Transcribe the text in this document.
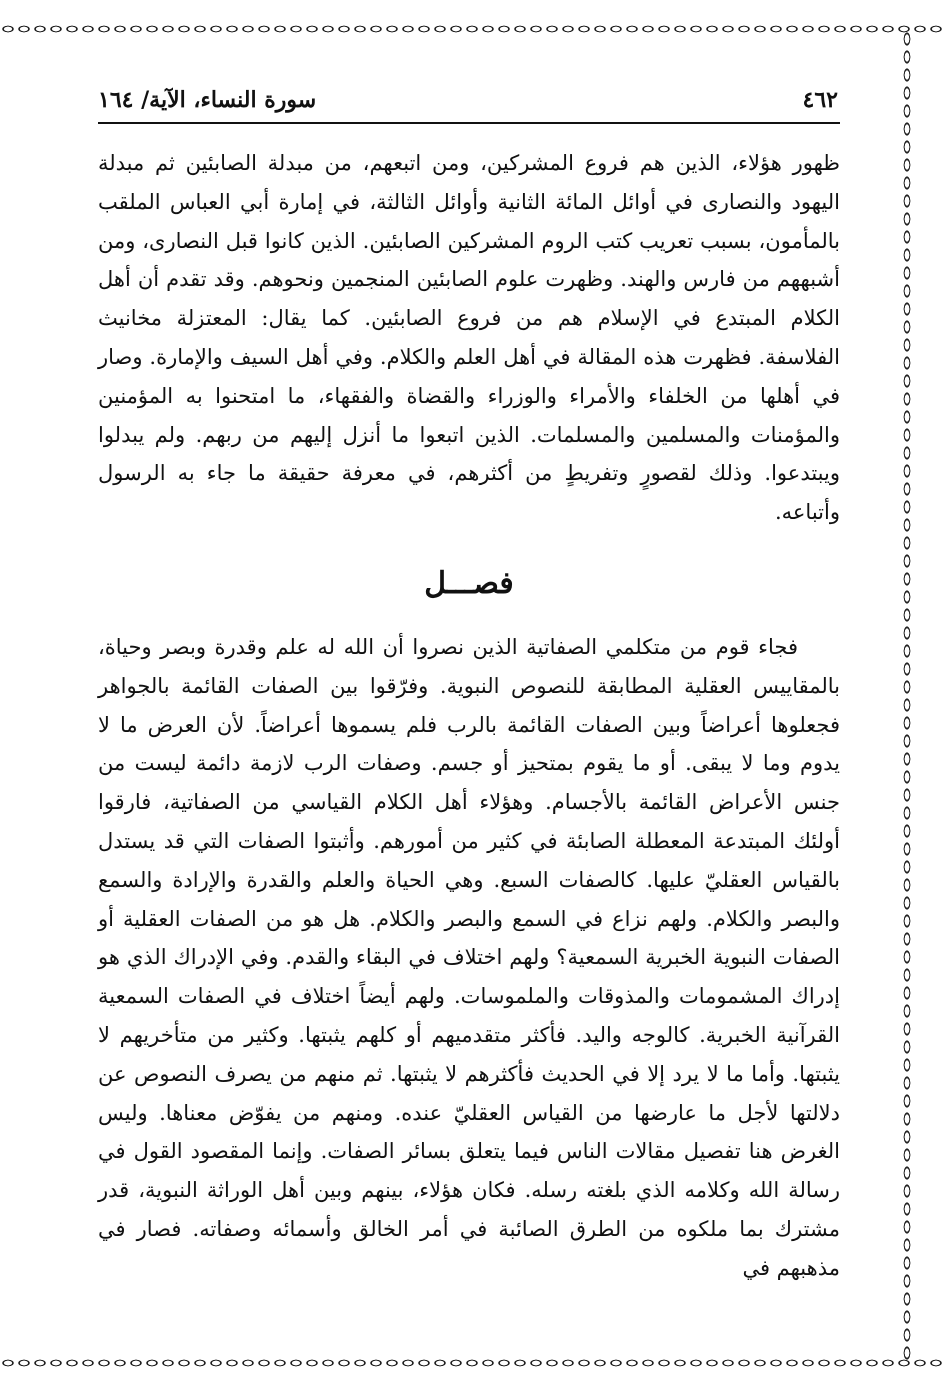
٤٦٢
سورة النساء، الآية/ ١٦٤

ظهور هؤلاء، الذين هم فروع المشركين، ومن اتبعهم، من مبدلة الصابئين ثم مبدلة اليهود والنصارى في أوائل المائة الثانية وأوائل الثالثة، في إمارة أبي العباس الملقب بالمأمون، بسبب تعريب كتب الروم المشركين الصابئين. الذين كانوا قبل النصارى، ومن أشبههم من فارس والهند. وظهرت علوم الصابئين المنجمين ونحوهم. وقد تقدم أن أهل الكلام المبتدع في الإسلام هم من فروع الصابئين. كما يقال: المعتزلة مخانيث الفلاسفة. فظهرت هذه المقالة في أهل العلم والكلام. وفي أهل السيف والإمارة. وصار في أهلها من الخلفاء والأمراء والوزراء والقضاة والفقهاء، ما امتحنوا به المؤمنين والمؤمنات والمسلمين والمسلمات. الذين اتبعوا ما أنزل إليهم من ربهم. ولم يبدلوا ويبتدعوا. وذلك لقصورٍ وتفريطٍ من أكثرهم، في معرفة حقيقة ما جاء به الرسول وأتباعه.

فصـــل

فجاء قوم من متكلمي الصفاتية الذين نصروا أن الله له علم وقدرة وبصر وحياة، بالمقاييس العقلية المطابقة للنصوص النبوية. وفرّقوا بين الصفات القائمة بالجواهر فجعلوها أعراضاً وبين الصفات القائمة بالرب فلم يسموها أعراضاً. لأن العرض ما لا يدوم وما لا يبقى. أو ما يقوم بمتحيز أو جسم. وصفات الرب لازمة دائمة ليست من جنس الأعراض القائمة بالأجسام. وهؤلاء أهل الكلام القياسي من الصفاتية، فارقوا أولئك المبتدعة المعطلة الصابئة في كثير من أمورهم. وأثبتوا الصفات التي قد يستدل بالقياس العقليّ عليها. كالصفات السبع. وهي الحياة والعلم والقدرة والإرادة والسمع والبصر والكلام. ولهم نزاع في السمع والبصر والكلام. هل هو من الصفات العقلية أو الصفات النبوية الخبرية السمعية؟ ولهم اختلاف في البقاء والقدم. وفي الإدراك الذي هو إدراك المشمومات والمذوقات والملموسات. ولهم أيضاً اختلاف في الصفات السمعية القرآنية الخبرية. كالوجه واليد. فأكثر متقدميهم أو كلهم يثبتها. وكثير من متأخريهم لا يثبتها. وأما ما لا يرد إلا في الحديث فأكثرهم لا يثبتها. ثم منهم من يصرف النصوص عن دلالتها لأجل ما عارضها من القياس العقليّ عنده. ومنهم من يفوّض معناها. وليس الغرض هنا تفصيل مقالات الناس فيما يتعلق بسائر الصفات. وإنما المقصود القول في رسالة الله وكلامه الذي بلغته رسله. فكان هؤلاء، بينهم وبين أهل الوراثة النبوية، قدر مشترك بما ملكوه من الطرق الصائبة في أمر الخالق وأسمائه وصفاته. فصار في مذهبهم في
